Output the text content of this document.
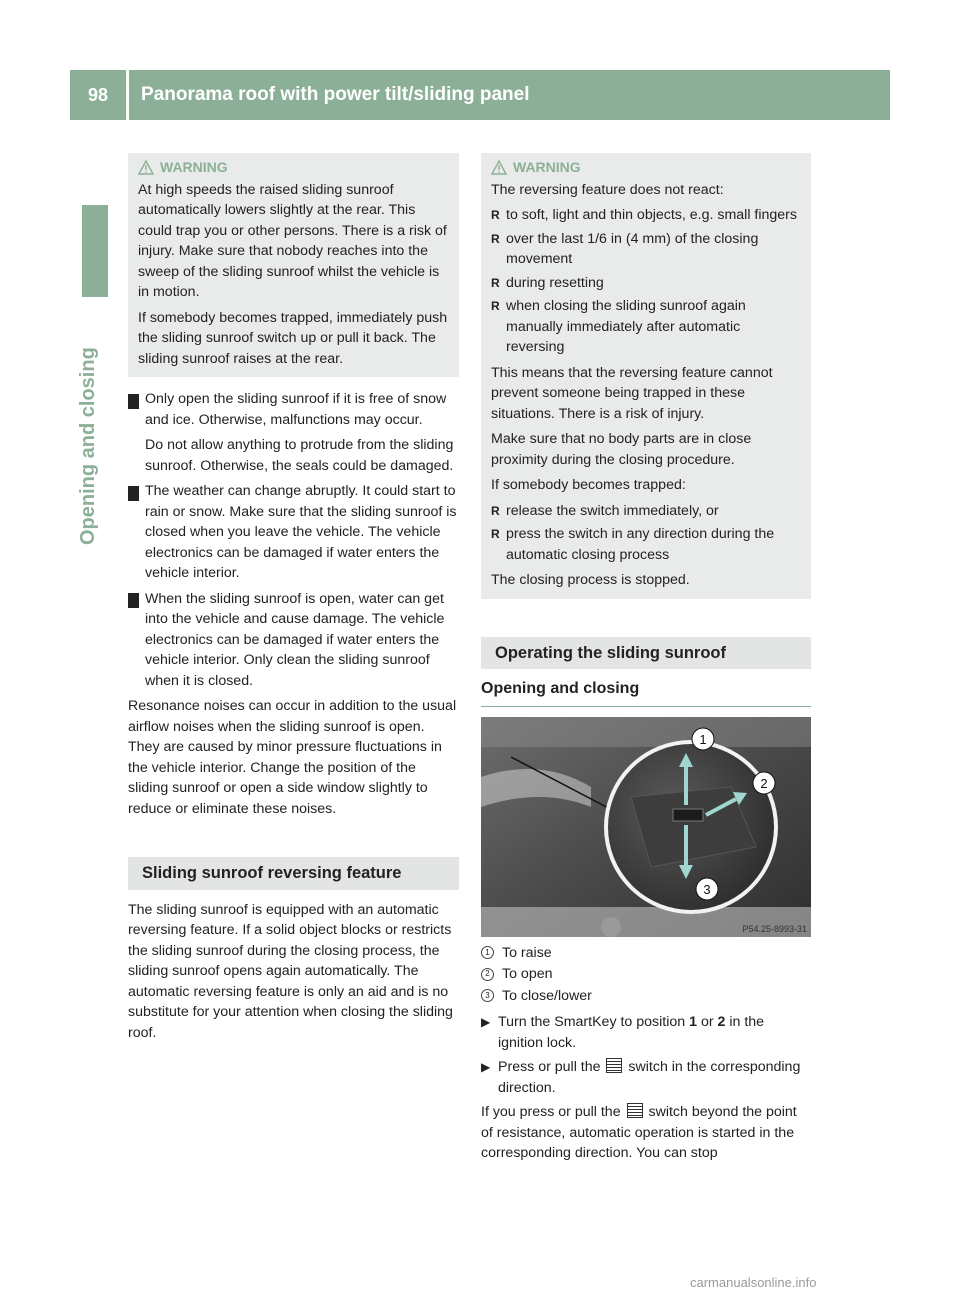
98	Panorama roof with power tilt/sliding panel
Opening and closing
WARNING

At high speeds the raised sliding sunroof automatically lowers slightly at the rear. This could trap you or other persons. There is a risk of injury. Make sure that nobody reaches into the sweep of the sliding sunroof whilst the vehicle is in motion.

If somebody becomes trapped, immediately push the sliding sunroof switch up or pull it back. The sliding sunroof raises at the rear.

! Only open the sliding sunroof if it is free of snow and ice. Otherwise, malfunctions may occur.
Do not allow anything to protrude from the sliding sunroof. Otherwise, the seals could be damaged.
! The weather can change abruptly. It could start to rain or snow. Make sure that the sliding sunroof is closed when you leave the vehicle. The vehicle electronics can be damaged if water enters the vehicle interior.
! When the sliding sunroof is open, water can get into the vehicle and cause damage. The vehicle electronics can be damaged if water enters the vehicle interior. Only clean the sliding sunroof when it is closed.

Resonance noises can occur in addition to the usual airflow noises when the sliding sunroof is open. They are caused by minor pressure fluctuations in the vehicle interior. Change the position of the sliding sunroof or open a side window slightly to reduce or eliminate these noises.

Sliding sunroof reversing feature

The sliding sunroof is equipped with an automatic reversing feature. If a solid object blocks or restricts the sliding sunroof during the closing process, the sliding sunroof opens again automatically. The automatic reversing feature is only an aid and is no substitute for your attention when closing the sliding roof.

WARNING

The reversing feature does not react:

R to soft, light and thin objects, e.g. small fingers
R over the last 1/6 in (4 mm) of the closing movement
R during resetting
R when closing the sliding sunroof again manually immediately after automatic reversing

This means that the reversing feature cannot prevent someone being trapped in these situations. There is a risk of injury.

Make sure that no body parts are in close proximity during the closing procedure.

If somebody becomes trapped:

R release the switch immediately, or
R press the switch in any direction during the automatic closing process

The closing process is stopped.

Operating the sliding sunroof
Opening and closing
1
2
3
P54.25-8993-31
1 To raise
2 To open
3 To close/lower
▶ Turn the SmartKey to position 1 or 2 in the ignition lock.
▶ Press or pull the  switch in the corresponding direction.

If you press or pull the  switch beyond the point of resistance, automatic operation is started in the corresponding direction. You can stop

carmanualsonline.info
